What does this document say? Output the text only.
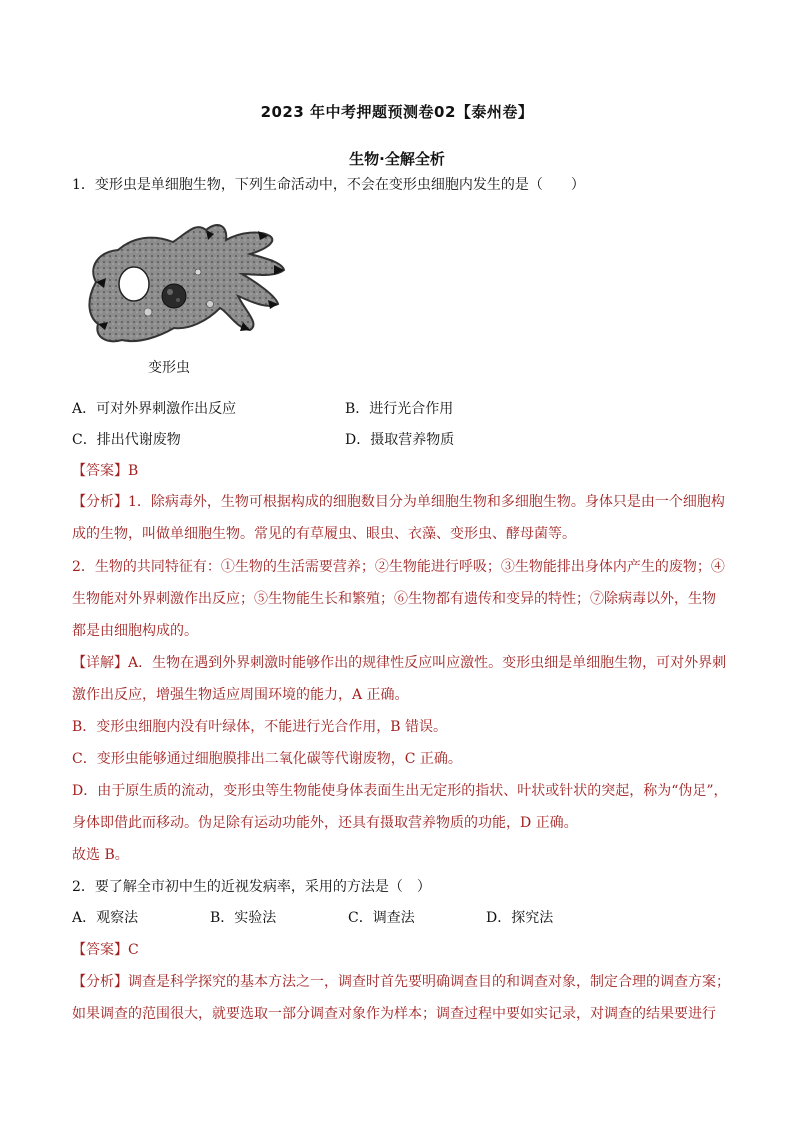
2023 年中考押题预测卷02【泰州卷】
生物·全解全析
1．变形虫是单细胞生物，下列生命活动中，不会在变形虫细胞内发生的是（　　）
变形虫
A．可对外界刺激作出反应	B．进行光合作用
C．排出代谢废物	D．摄取营养物质
【答案】B
【分析】1．除病毒外，生物可根据构成的细胞数目分为单细胞生物和多细胞生物。身体只是由一个细胞构
成的生物，叫做单细胞生物。常见的有草履虫、眼虫、衣藻、变形虫、酵母菌等。
2．生物的共同特征有：①生物的生活需要营养；②生物能进行呼吸；③生物能排出身体内产生的废物；④
生物能对外界刺激作出反应；⑤生物能生长和繁殖；⑥生物都有遗传和变异的特性；⑦除病毒以外，生物
都是由细胞构成的。
【详解】A．生物在遇到外界刺激时能够作出的规律性反应叫应激性。变形虫细是单细胞生物，可对外界刺
激作出反应，增强生物适应周围环境的能力，A 正确。
B．变形虫细胞内没有叶绿体，不能进行光合作用，B 错误。
C．变形虫能够通过细胞膜排出二氧化碳等代谢废物，C 正确。
D．由于原生质的流动，变形虫等生物能使身体表面生出无定形的指状、叶状或针状的突起，称为“伪足”，
身体即借此而移动。伪足除有运动功能外，还具有摄取营养物质的功能，D 正确。
故选 B。
2．要了解全市初中生的近视发病率，采用的方法是（　）
A．观察法	B．实验法	C．调查法	D．探究法
【答案】C
【分析】调查是科学探究的基本方法之一，调查时首先要明确调查目的和调查对象，制定合理的调查方案；
如果调查的范围很大，就要选取一部分调查对象作为样本；调查过程中要如实记录，对调查的结果要进行
